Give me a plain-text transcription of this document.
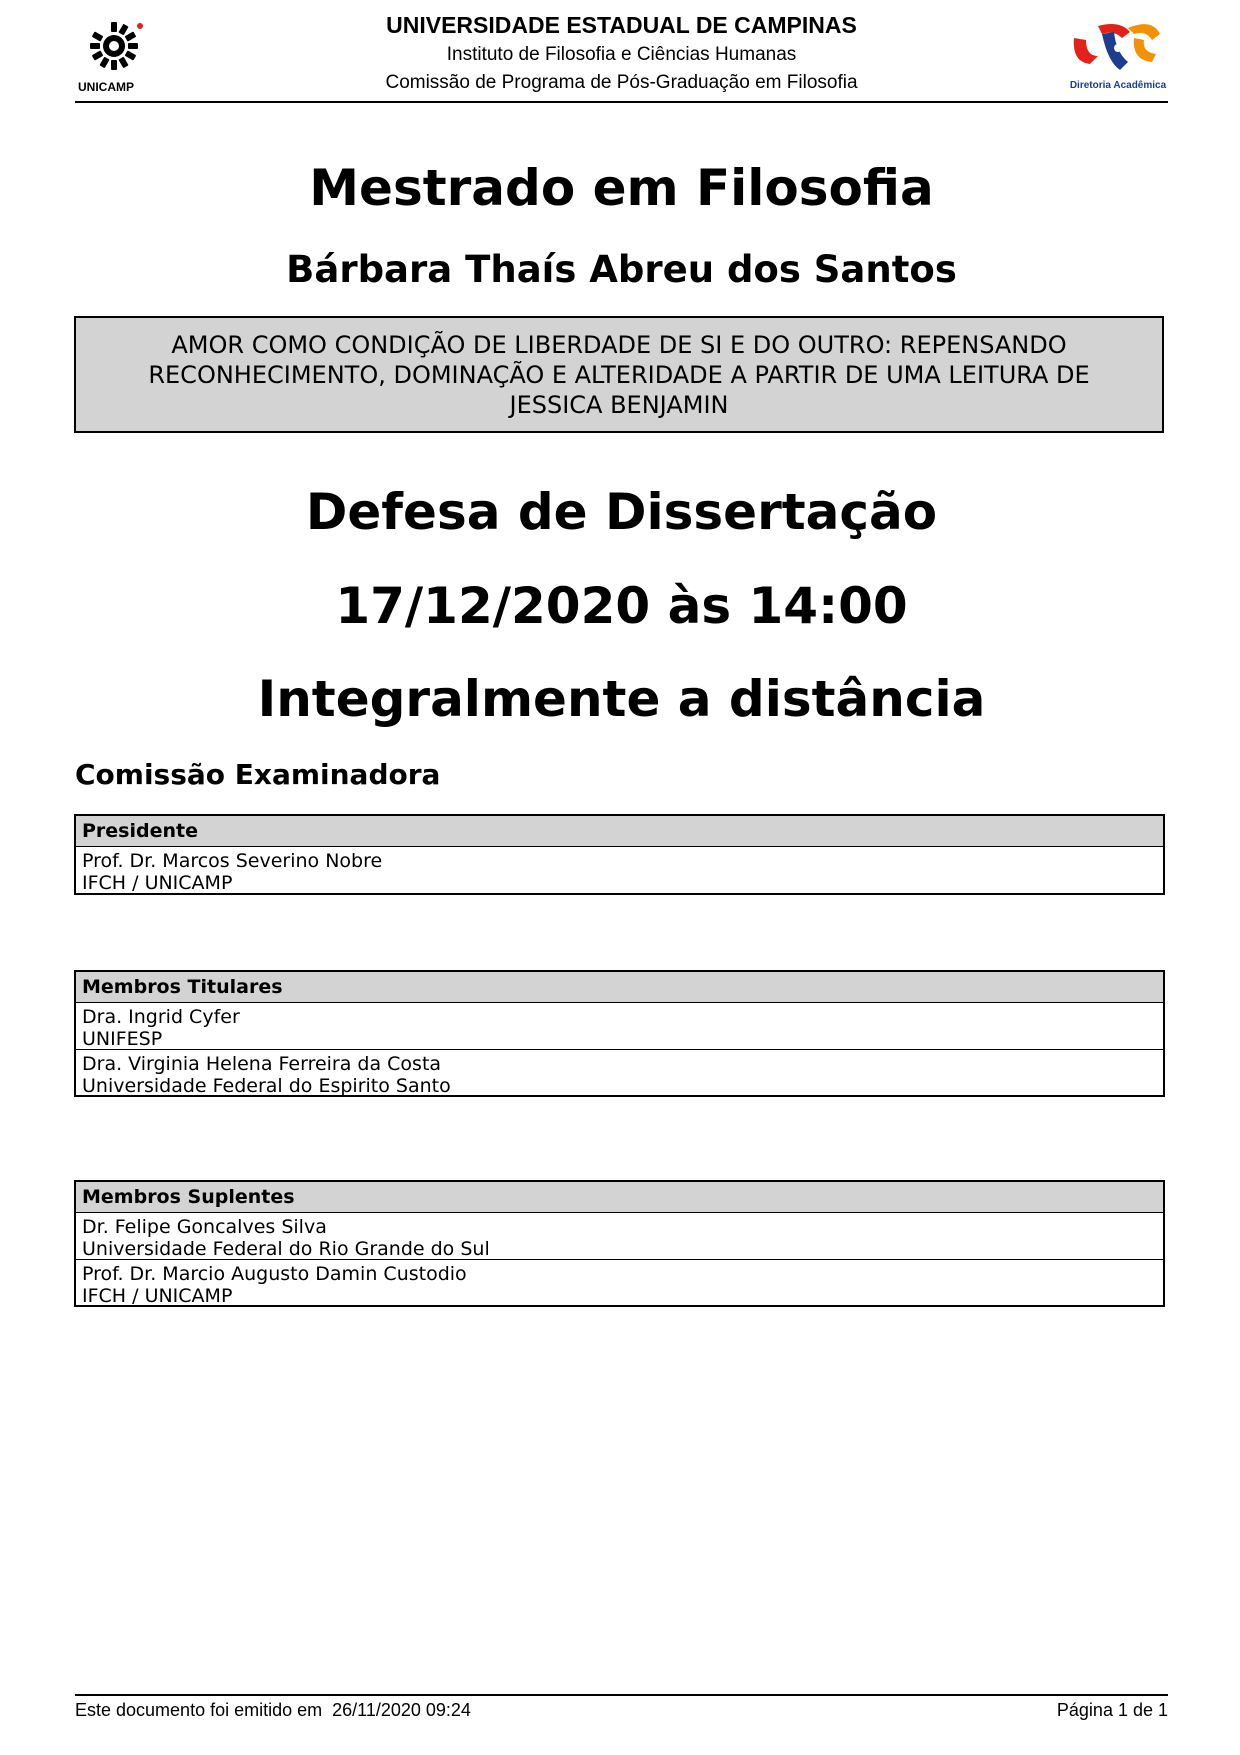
UNICAMP
UNIVERSIDADE ESTADUAL DE CAMPINAS
Instituto de Filosofia e Ciências Humanas
Comissão de Programa de Pós-Graduação em Filosofia	Diretoria Acadêmica
Mestrado em Filosofia
Bárbara Thaís Abreu dos Santos
AMOR COMO CONDIÇÃO DE LIBERDADE DE SI E DO OUTRO: REPENSANDO RECONHECIMENTO, DOMINAÇÃO E ALTERIDADE A PARTIR DE UMA LEITURA DE JESSICA BENJAMIN
Defesa de Dissertação
17/12/2020 às 14:00
Integralmente a distância
Comissão Examinadora
Presidente
Prof. Dr. Marcos Severino Nobre
IFCH / UNICAMP
Membros Titulares
Dra. Ingrid Cyfer
UNIFESP
Dra. Virginia Helena Ferreira da Costa
Universidade Federal do Espirito Santo
Membros Suplentes
Dr. Felipe Goncalves Silva
Universidade Federal do Rio Grande do Sul
Prof. Dr. Marcio Augusto Damin Custodio
IFCH / UNICAMP
Este documento foi emitido em  26/11/2020 09:24	Página 1 de 1
